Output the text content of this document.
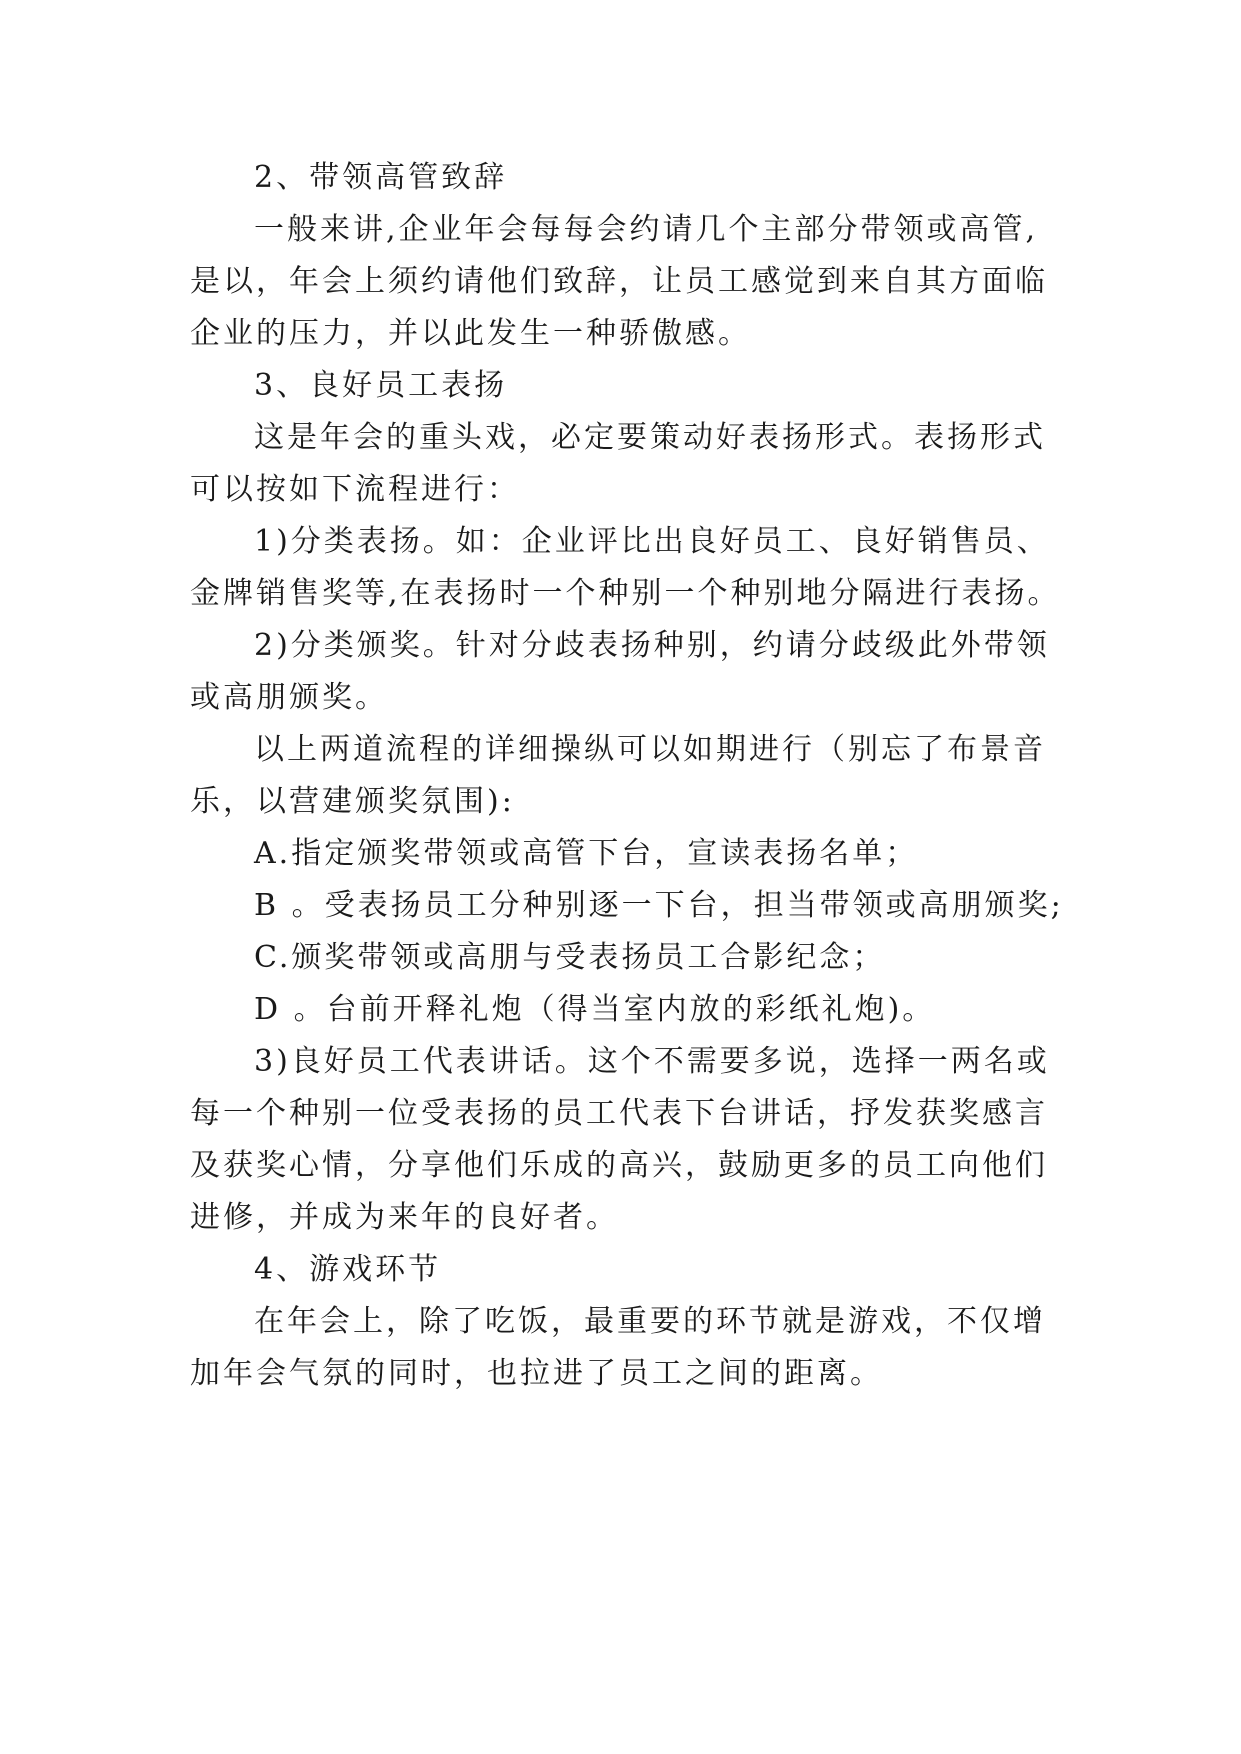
2、带领高管致辞
一般来讲,企业年会每每会约请几个主部分带领或高管,
是以，年会上须约请他们致辞，让员工感觉到来自其方面临
企业的压力，并以此发生一种骄傲感。
3、良好员工表扬
这是年会的重头戏，必定要策动好表扬形式。表扬形式
可以按如下流程进行：
1)分类表扬。如：企业评比出良好员工、良好销售员、
金牌销售奖等,在表扬时一个种别一个种别地分隔进行表扬。
2)分类颁奖。针对分歧表扬种别，约请分歧级此外带领
或高朋颁奖。
以上两道流程的详细操纵可以如期进行（别忘了布景音
乐，以营建颁奖氛围):
A.指定颁奖带领或高管下台，宣读表扬名单；
B 。受表扬员工分种别逐一下台，担当带领或高朋颁奖;
C.颁奖带领或高朋与受表扬员工合影纪念；
D 。台前开释礼炮（得当室内放的彩纸礼炮)。
3)良好员工代表讲话。这个不需要多说，选择一两名或
每一个种别一位受表扬的员工代表下台讲话，抒发获奖感言
及获奖心情，分享他们乐成的高兴，鼓励更多的员工向他们
进修，并成为来年的良好者。
4、游戏环节
在年会上，除了吃饭，最重要的环节就是游戏，不仅增
加年会气氛的同时，也拉进了员工之间的距离。
